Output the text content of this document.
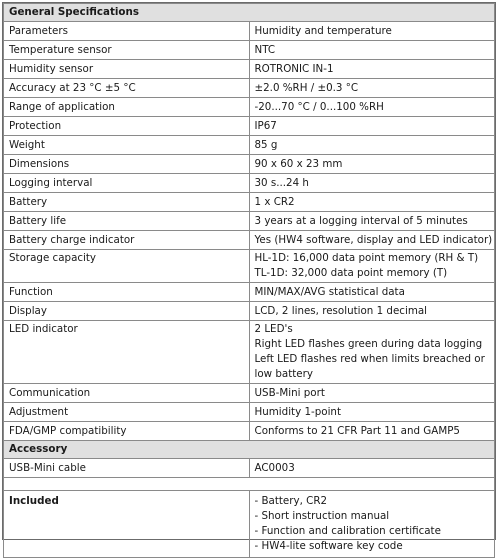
General Specifications	
Parameters	Humidity and temperature

Temperature sensor	NTC

Humidity sensor	ROTRONIC IN-1

Accuracy at 23 °C ±5 °C	±2.0 %RH / ±0.3 °C

Range of application	-20...70 °C / 0...100 %RH

Protection	IP67

Weight	85 g

Dimensions	90 x 60 x 23 mm

Logging interval	30 s...24 h

Battery	1 x CR2

Battery life	3 years at a logging interval of 5 minutes

Battery charge indicator	Yes (HW4 software, display and LED indicator)

Storage capacity	HL-1D: 16,000 data point memory (RH & T)
TL-1D: 32,000 data point memory (T)

Function	MIN/MAX/AVG statistical data

Display	LCD, 2 lines, resolution 1 decimal

LED indicator	2 LED's
Right LED flashes green during data logging
Left LED flashes red when limits breached or
low battery

Communication	USB-Mini port

Adjustment	Humidity 1-point

FDA/GMP compatibility	Conforms to 21 CFR Part 11 and GAMP5

Accessory	
USB-Mini cable	AC0003

Included	- Battery, CR2
- Short instruction manual
- Function and calibration certificate
- HW4-lite software key code
